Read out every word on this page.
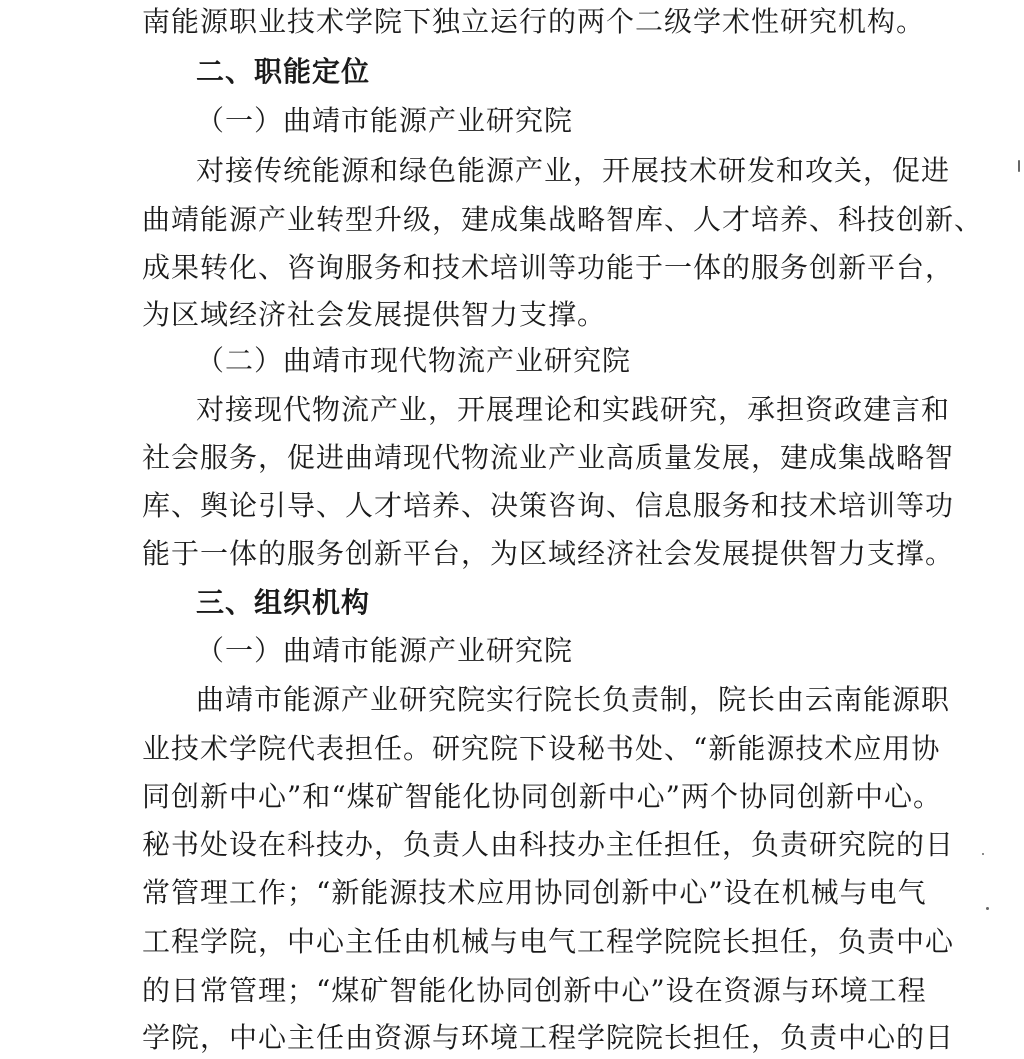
南能源职业技术学院下独立运行的两个二级学术性研究机构。
二、职能定位
（一）曲靖市能源产业研究院
对接传统能源和绿色能源产业，开展技术研发和攻关，促进
曲靖能源产业转型升级，建成集战略智库、人才培养、科技创新、
成果转化、咨询服务和技术培训等功能于一体的服务创新平台，
为区域经济社会发展提供智力支撑。
（二）曲靖市现代物流产业研究院
对接现代物流产业，开展理论和实践研究，承担资政建言和
社会服务，促进曲靖现代物流业产业高质量发展，建成集战略智
库、舆论引导、人才培养、决策咨询、信息服务和技术培训等功
能于一体的服务创新平台，为区域经济社会发展提供智力支撑。
三、组织机构
（一）曲靖市能源产业研究院
曲靖市能源产业研究院实行院长负责制，院长由云南能源职
业技术学院代表担任。研究院下设秘书处、“新能源技术应用协
同创新中心”和“煤矿智能化协同创新中心”两个协同创新中心。
秘书处设在科技办，负责人由科技办主任担任，负责研究院的日
常管理工作；“新能源技术应用协同创新中心”设在机械与电气
工程学院，中心主任由机械与电气工程学院院长担任，负责中心
的日常管理；“煤矿智能化协同创新中心”设在资源与环境工程
学院，中心主任由资源与环境工程学院院长担任，负责中心的日
